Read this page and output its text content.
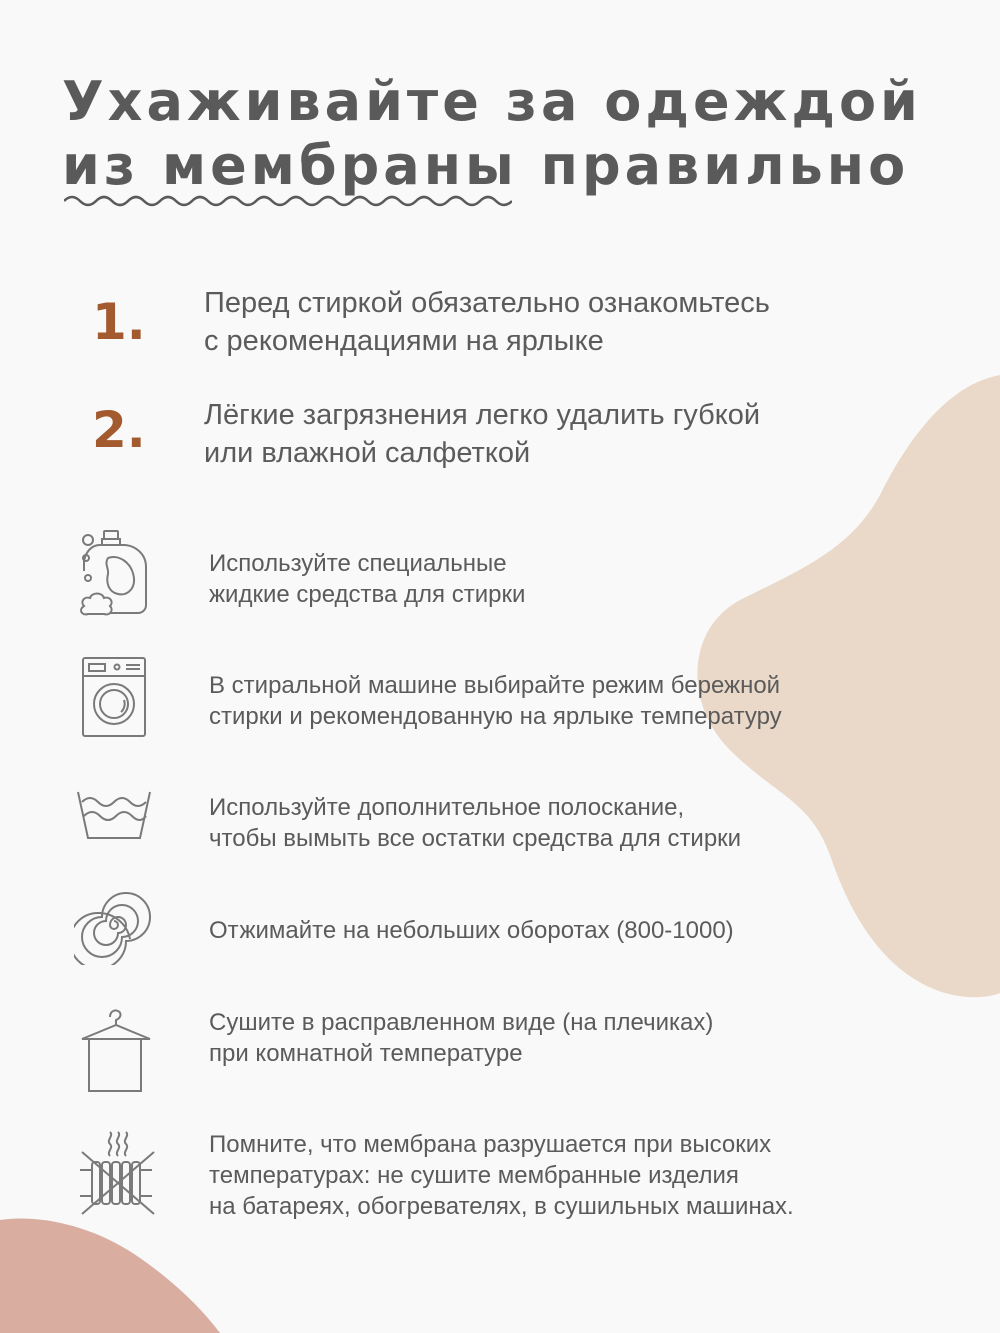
Ухаживайте за одеждой
из мембраны правильно
1. Перед стиркой обязательно ознакомьтесь
с рекомендациями на ярлыке
2. Лёгкие загрязнения легко удалить губкой
или влажной салфеткой
Используйте специальные
жидкие средства для стирки
В стиральной машине выбирайте режим бережной
стирки и рекомендованную на ярлыке температуру
Используйте дополнительное полоскание,
чтобы вымыть все остатки средства для стирки
Отжимайте на небольших оборотах (800-1000)
Сушите в расправленном виде (на плечиках)
при комнатной температуре
Помните, что мембрана разрушается при высоких
температурах: не сушите мембранные изделия
на батареях, обогревателях, в сушильных машинах.
